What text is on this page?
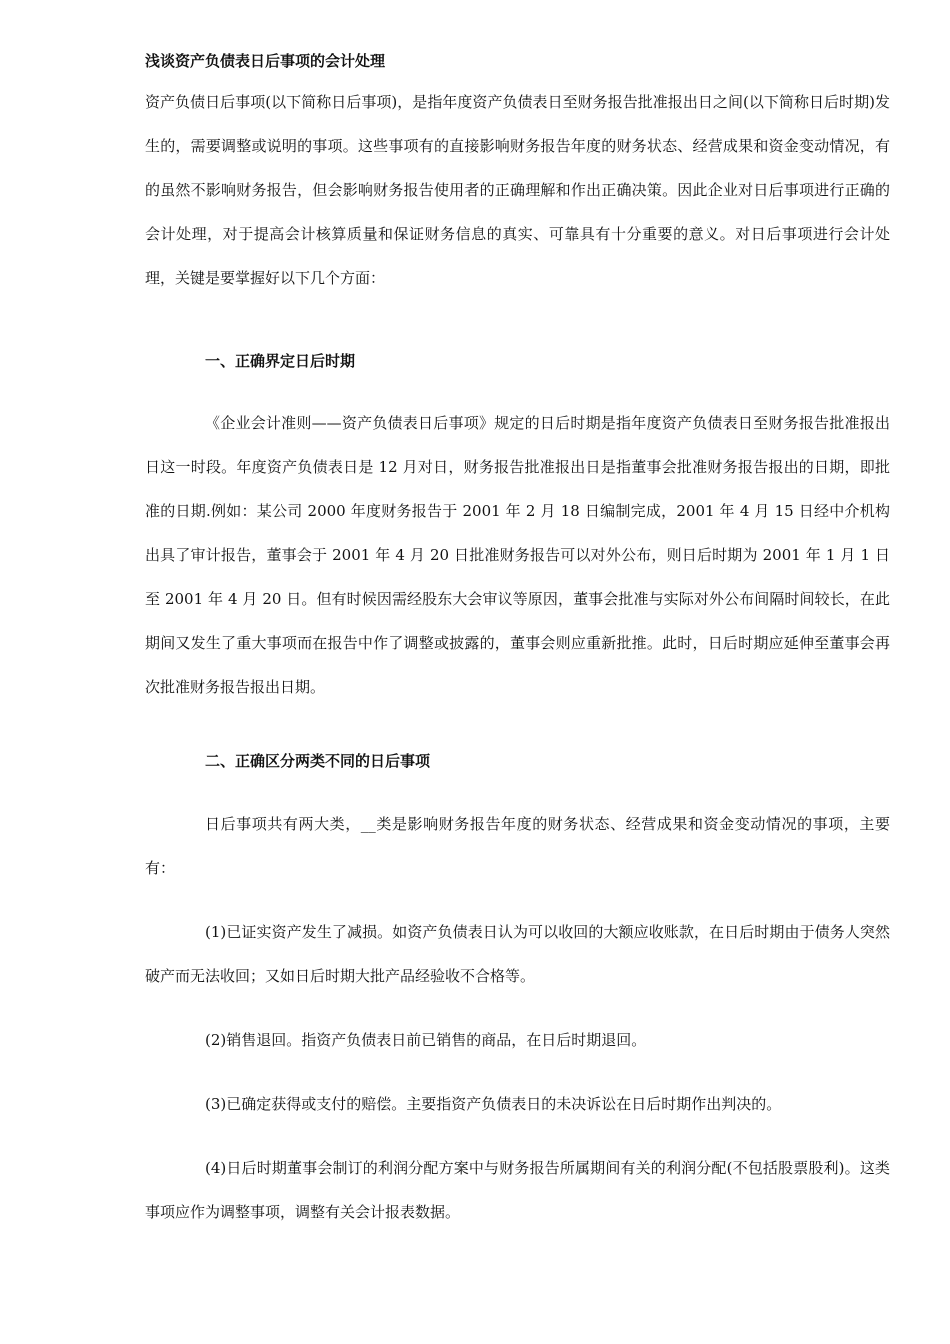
浅谈资产负债表日后事项的会计处理

资产负债日后事项(以下简称日后事项)，是指年度资产负债表日至财务报告批准报出日之间(以下简称日后时期)发生的，需要调整或说明的事项。这些事项有的直接影响财务报告年度的财务状态、经营成果和资金变动情况，有的虽然不影响财务报告，但会影响财务报告使用者的正确理解和作出正确决策。因此企业对日后事项进行正确的会计处理，对于提高会计核算质量和保证财务信息的真实、可靠具有十分重要的意义。对日后事项进行会计处理，关键是要掌握好以下几个方面：

一、正确界定日后时期

《企业会计准则——资产负债表日后事项》规定的日后时期是指年度资产负债表日至财务报告批准报出日这一时段。年度资产负债表日是 12 月对日，财务报告批准报出日是指董事会批准财务报告报出的日期，即批准的日期.例如：某公司 2000 年度财务报告于 2001 年 2 月 18 日编制完成，2001 年 4 月 15 日经中介机构出具了审计报告，董事会于 2001 年 4 月 20 日批准财务报告可以对外公布，则日后时期为 2001 年 1 月 1 日至 2001 年 4 月 20 日。但有时候因需经股东大会审议等原因，董事会批准与实际对外公布间隔时间较长，在此期间又发生了重大事项而在报告中作了调整或披露的，董事会则应重新批推。此时，日后时期应延伸至董事会再次批准财务报告报出日期。

二、正确区分两类不同的日后事项

日后事项共有两大类，__类是影响财务报告年度的财务状态、经营成果和资金变动情况的事项，主要有：

(1)已证实资产发生了减损。如资产负债表日认为可以收回的大额应收账款，在日后时期由于债务人突然破产而无法收回；又如日后时期大批产品经验收不合格等。

(2)销售退回。指资产负债表日前已销售的商品，在日后时期退回。

(3)已确定获得或支付的赔偿。主要指资产负债表日的未决诉讼在日后时期作出判决的。

(4)日后时期董事会制订的利润分配方案中与财务报告所属期间有关的利润分配(不包括股票股利)。这类事项应作为调整事项，调整有关会计报表数据。
